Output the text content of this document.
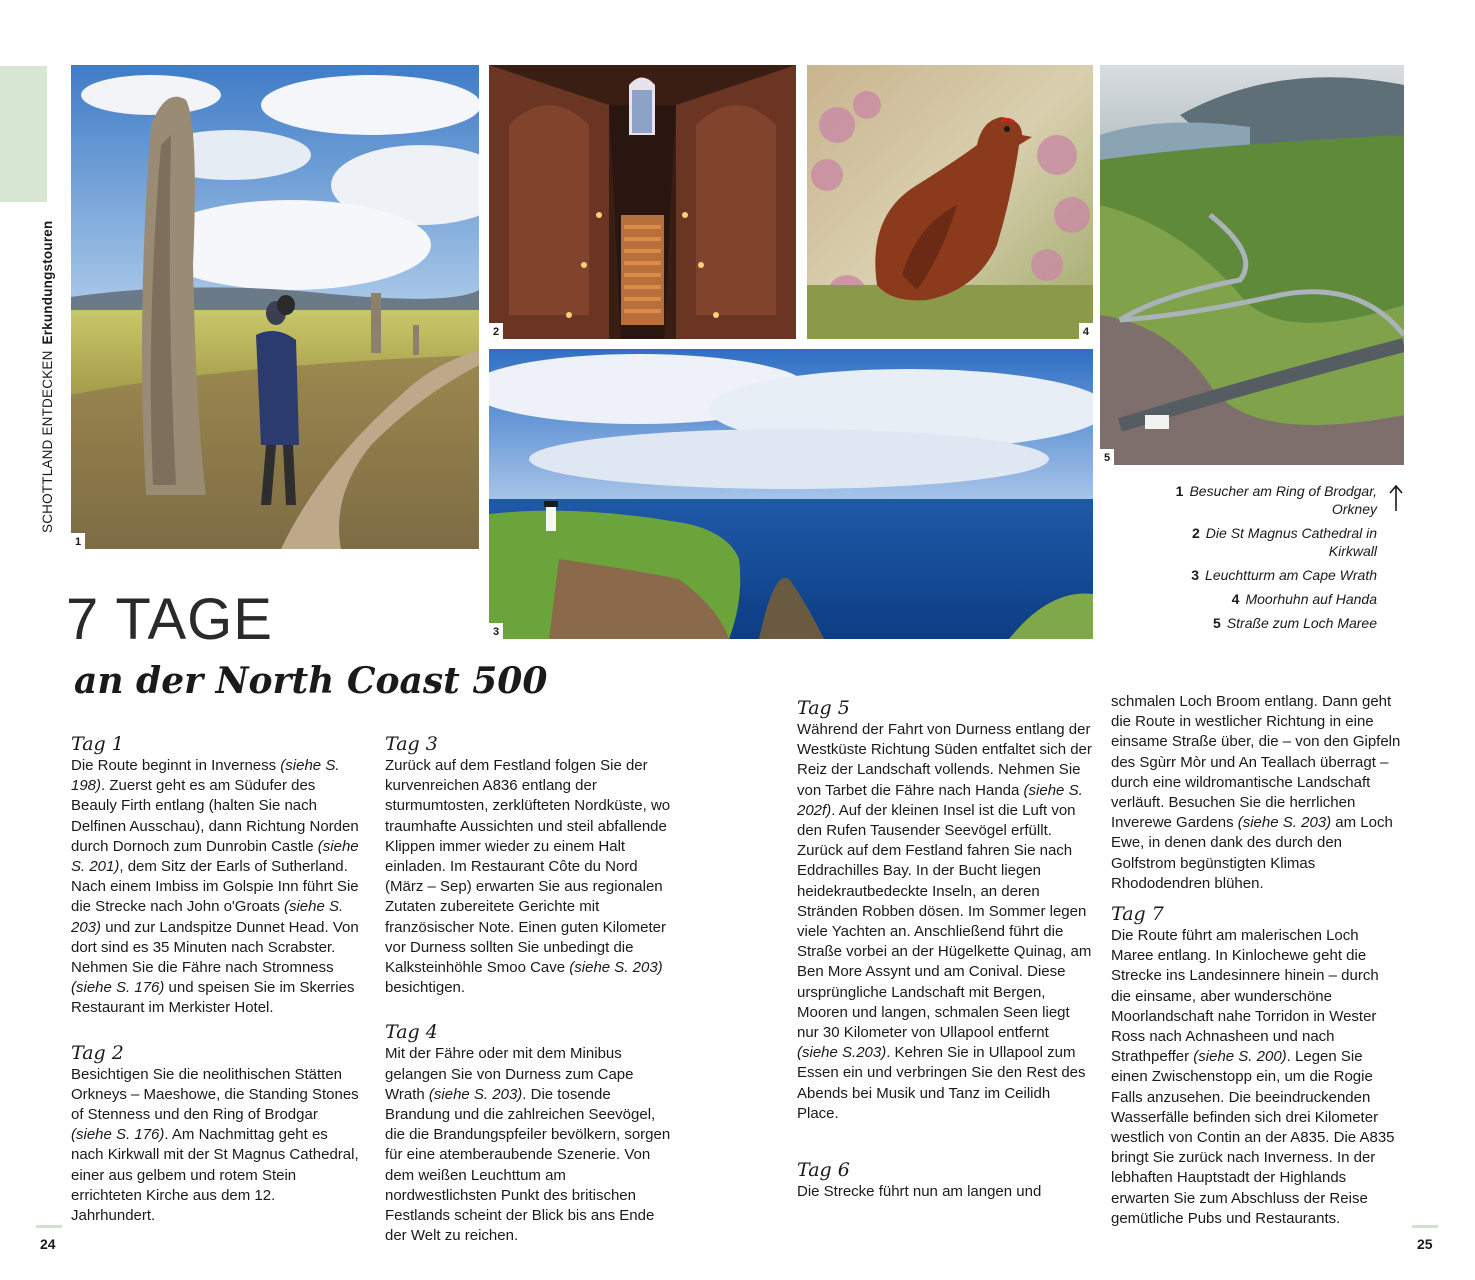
SCHOTTLAND ENTDECKEN Erkundungstouren
1
2	4
5
3
1 Besucher am Ring of Brodgar, Orkney
2 Die St Magnus Cathedral in Kirkwall
3 Leuchtturm am Cape Wrath
4 Moorhuhn auf Handa
5 Straße zum Loch Maree
7 TAGE
an der North Coast 500
Tag 1

Die Route beginnt in Inverness (siehe S. 198). Zuerst geht es am Südufer des Beauly Firth entlang (halten Sie nach Delfinen Ausschau), dann Richtung Norden durch Dornoch zum Dunrobin Castle (siehe S. 201), dem Sitz der Earls of Sutherland. Nach einem Imbiss im Golspie Inn führt Sie die Strecke nach John o'Groats (siehe S. 203) und zur Landspitze Dunnet Head. Von dort sind es 35 Minuten nach Scrabster. Nehmen Sie die Fähre nach Stromness (siehe S. 176) und speisen Sie im Skerries Restaurant im Merkister Hotel.

Tag 2

Besichtigen Sie die neolithischen Stätten Orkneys – Maeshowe, die Standing Stones of Stenness und den Ring of Brodgar (siehe S. 176). Am Nachmittag geht es nach Kirkwall mit der St Magnus Cathedral, einer aus gelbem und rotem Stein errichteten Kirche aus dem 12. Jahrhundert.

Tag 3

Zurück auf dem Festland folgen Sie der kurvenreichen A836 entlang der sturmumtosten, zerklüfteten Nordküste, wo traumhafte Aussichten und steil abfallende Klippen immer wieder zu einem Halt einladen. Im Restaurant Côte du Nord (März – Sep) erwarten Sie aus regionalen Zutaten zubereitete Gerichte mit französischer Note. Einen guten Kilometer vor Durness sollten Sie unbedingt die Kalksteinhöhle Smoo Cave (siehe S. 203) besichtigen.

Tag 4

Mit der Fähre oder mit dem Minibus gelangen Sie von Durness zum Cape Wrath (siehe S. 203). Die tosende Brandung und die zahlreichen Seevögel, die die Brandungspfeiler bevölkern, sorgen für eine atemberaubende Szenerie. Von dem weißen Leuchttum am nordwestlichsten Punkt des britischen Festlands scheint der Blick bis ans Ende der Welt zu reichen.

Tag 5

Während der Fahrt von Durness entlang der Westküste Richtung Süden entfaltet sich der Reiz der Landschaft vollends. Nehmen Sie von Tarbet die Fähre nach Handa (siehe S. 202f). Auf der kleinen Insel ist die Luft von den Rufen Tausender Seevögel erfüllt. Zurück auf dem Festland fahren Sie nach Eddrachilles Bay. In der Bucht liegen heidekrautbedeckte Inseln, an deren Stränden Robben dösen. Im Sommer legen viele Yachten an. Anschließend führt die Straße vorbei an der Hügelkette Quinag, am Ben More Assynt und am Conival. Diese ursprüngliche Landschaft mit Bergen, Mooren und langen, schmalen Seen liegt nur 30 Kilometer von Ullapool entfernt (siehe S.203). Kehren Sie in Ullapool zum Essen ein und verbringen Sie den Rest des Abends bei Musik und Tanz im Ceilidh Place.

Tag 6

Die Strecke führt nun am langen und

Tag 7

Die Route führt am malerischen Loch Maree entlang. In Kinlochewe geht die Strecke ins Landesinnere hinein – durch die einsame, aber wunderschöne Moorlandschaft nahe Torridon in Wester Ross nach Achnasheen und nach Strathpeffer (siehe S. 200). Legen Sie einen Zwischenstopp ein, um die Rogie Falls anzusehen. Die beeindruckenden Wasserfälle befinden sich drei Kilometer westlich von Contin an der A835. Die A835 bringt Sie zurück nach Inverness. In der lebhaften Hauptstadt der Highlands erwarten Sie zum Abschluss der Reise gemütliche Pubs und Restaurants.

24	25

schmalen Loch Broom entlang. Dann geht die Route in westlicher Richtung in eine einsame Straße über, die – von den Gipfeln des Sgùrr Mòr und An Teallach überragt – durch eine wildromantische Landschaft verläuft. Besuchen Sie die herrlichen Inverewe Gardens (siehe S. 203) am Loch Ewe, in denen dank des durch den Golfstrom begünstigten Klimas Rhododendren blühen.
